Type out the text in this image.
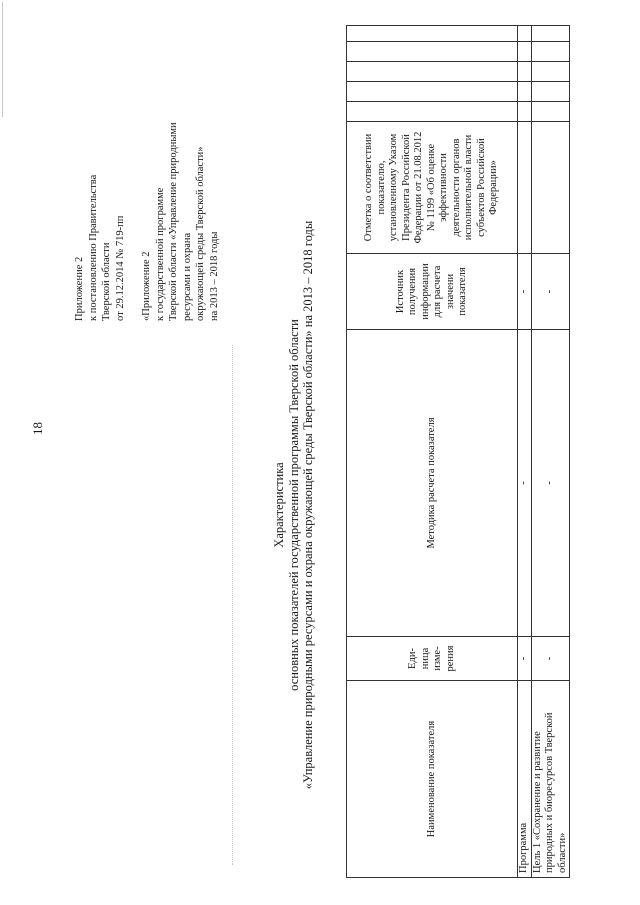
18
Приложение 2 к постановлению Правительства Тверской области от 29.12.2014 № 719-пп «Приложение 2 к государственной программе Тверской области «Управление природными ресурсами и охрана окружающей среды Тверской области» на 2013 – 2018 годы
Характеристика основных показателей государственной программы Тверской области «Управление природными ресурсами и охрана окружающей среды Тверской области» на 2013 – 2018 годы	Наименование показателя	Еди-ница изме-рения	Методика расчета показателя	Источник получения информации для расчета значени показателя	Отметка о соответствии показателю, установленному Указом Президента Российской Федерации от 21.08.2012 № 1199 «Об оценке эффективности деятельности органов исполнительной власти субъектов Российской Федерации»					
Программа	-	-	-						
Цель 1 «Сохранение и развитие природных и биоресурсов Тверской области»	-	-	-						
